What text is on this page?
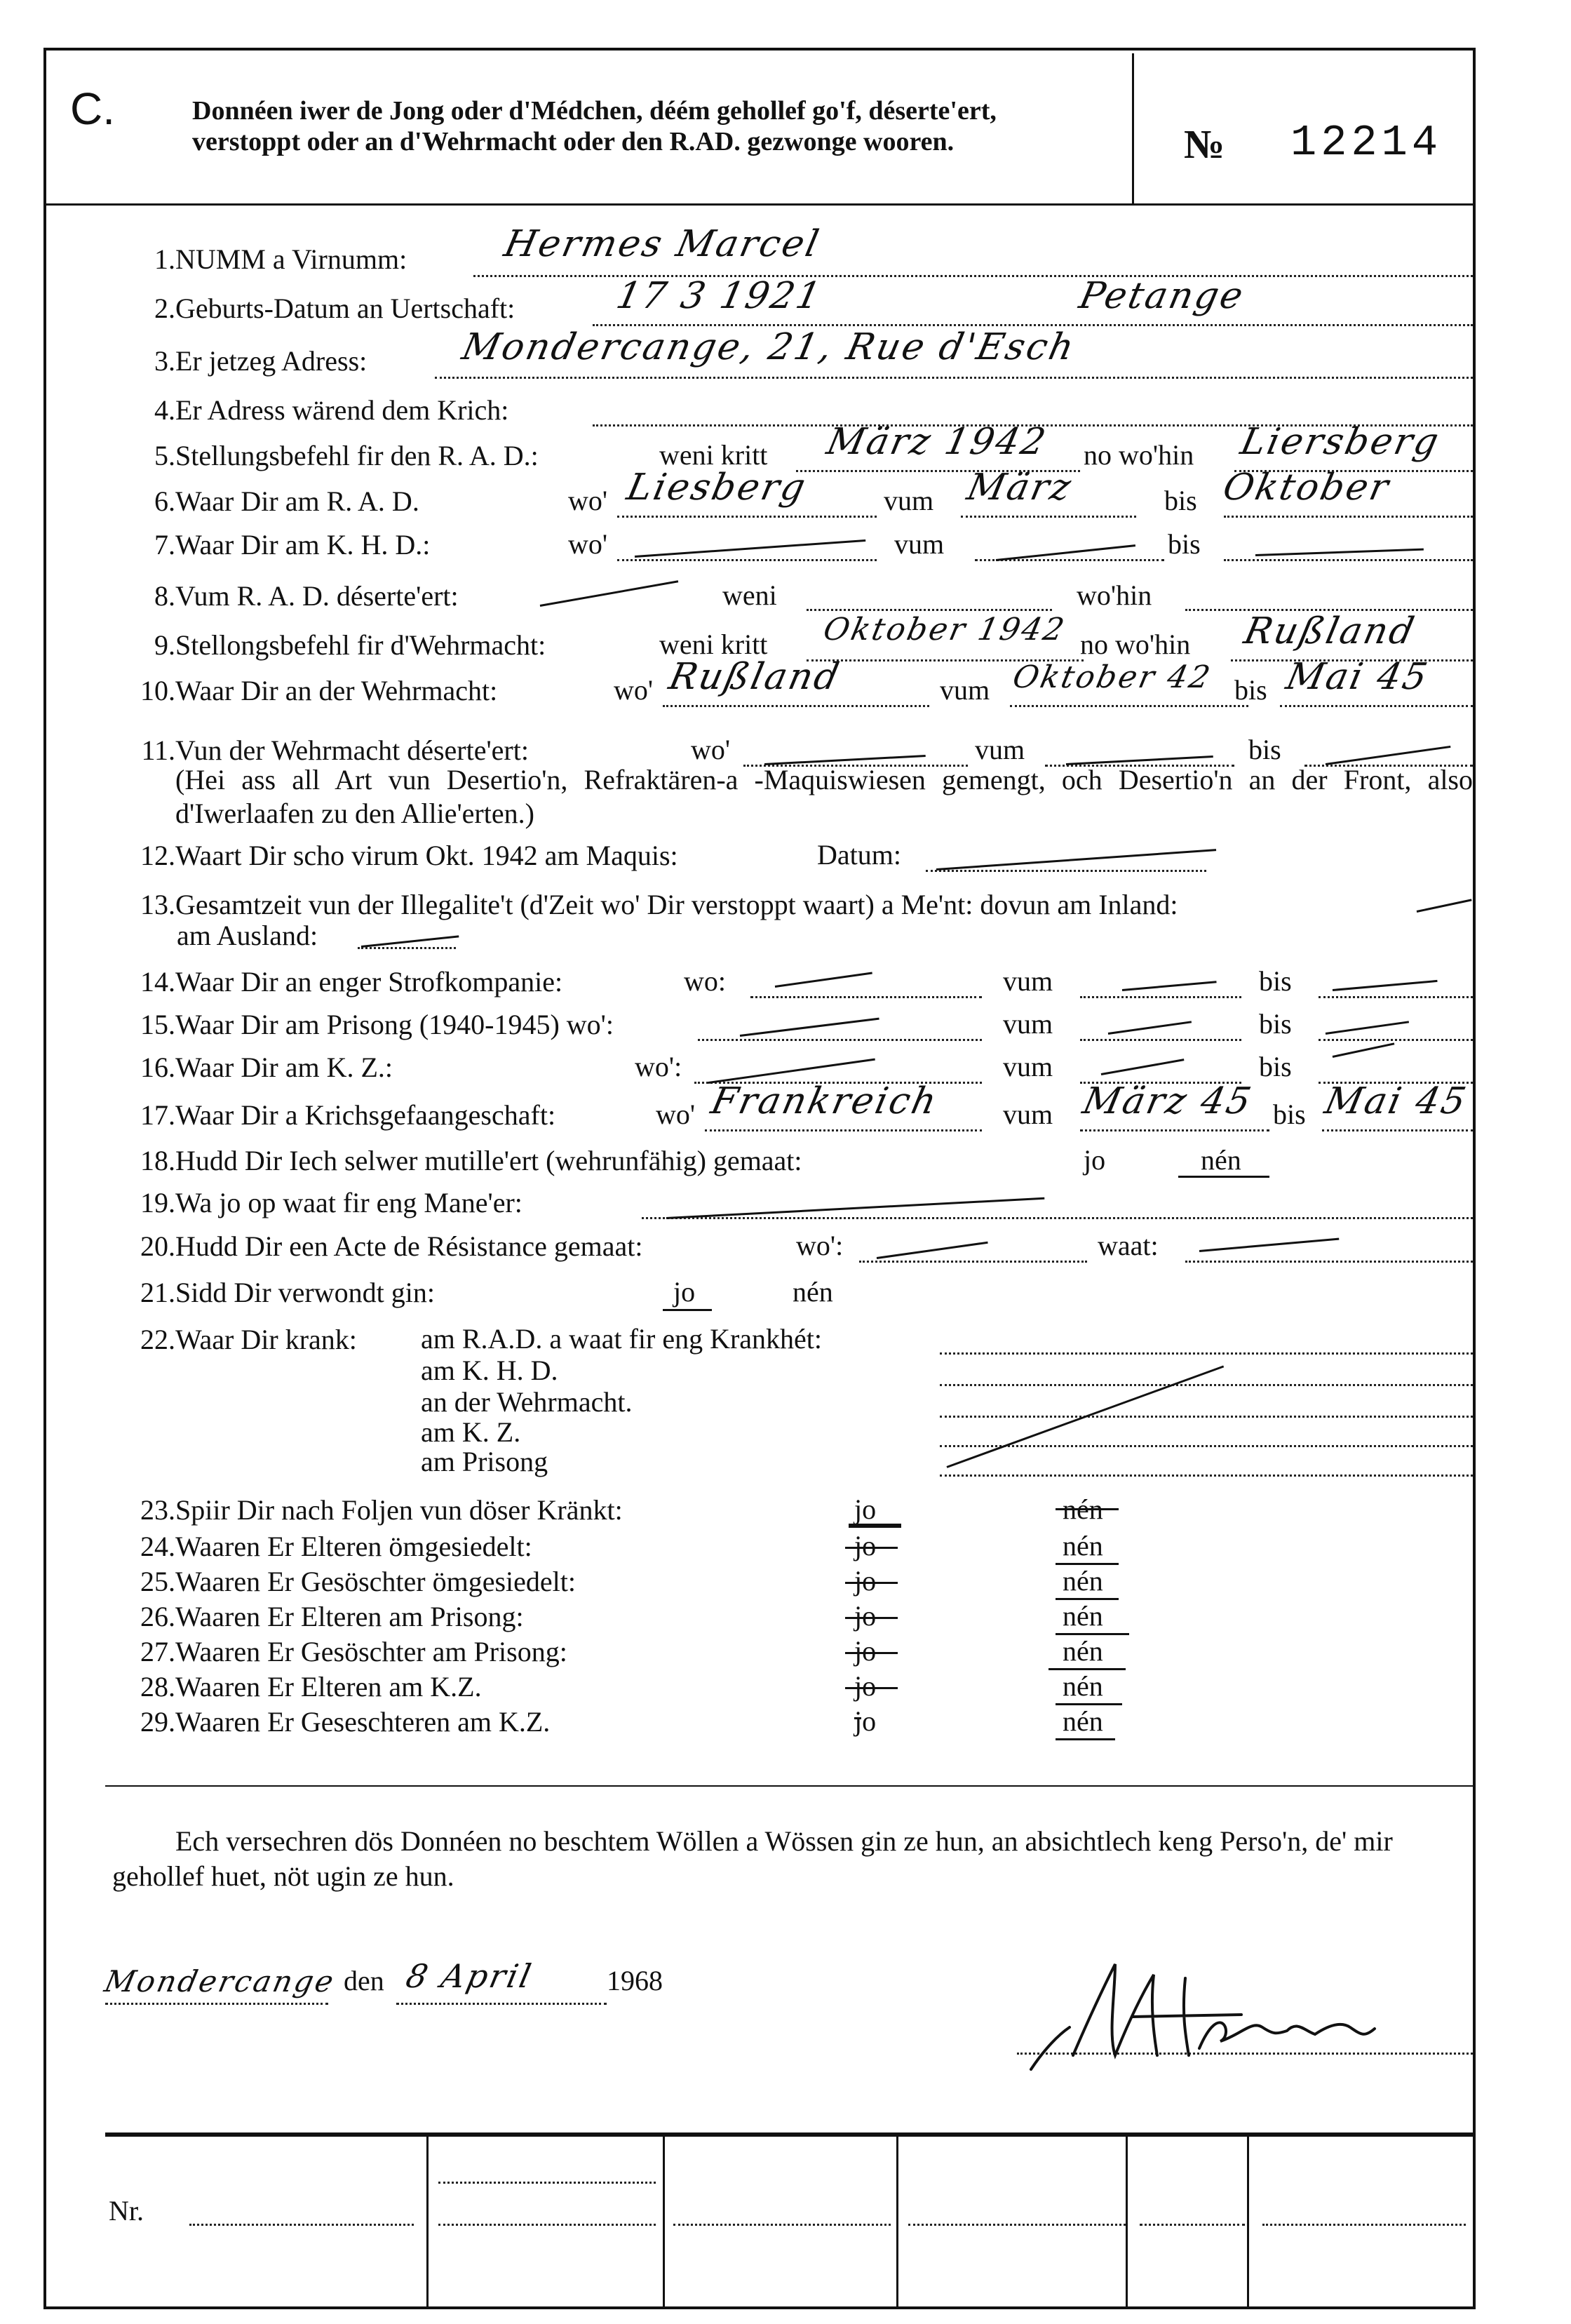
C.	Donnéen iwer de Jong oder d'Médchen, déém gehollef go'f, déserte'ert, verstoppt oder an d'Wehrmacht oder den R.AD. gezwonge wooren.	№ 12214
1. NUMM a Virnumm:	Hermes Marcel
2. Geburts-Datum an Uertschaft:	17 3 1921	Petange
3. Er jetzeg Adress:	Mondercange, 21, Rue d'Esch
4. Er Adress wärend dem Krich:
5. Stellungsbefehl fir den R. A. D.:	weni kritt März 1942 no wo'hin Liersberg
6. Waar Dir am R. A. D.	wo' Liesberg	vum März	bis Oktober
7. Waar Dir am K. H. D.:	wo'	vum	bis
8. Vum R. A. D. déserte'ert:	weni	wo'hin
9. Stellongsbefehl fir d'Wehrmacht:	weni kritt Oktober 1942 no wo'hin Rußland
10. Waar Dir an der Wehrmacht:	wo' Rußland	vum Oktober 42 bis Mai 45
11. Vun der Wehrmacht déserte'ert:	wo'	vum	bis
(Hei ass all Art vun Desertio'n, Refraktären-a -Maquiswiesen gemengt, och Desertio'n an der Front, also d'Iwerlaafen zu den Allie'erten.)
12. Waart Dir scho virum Okt. 1942 am Maquis:	Datum:
13. Gesamtzeit vun der Illegalite't (d'Zeit wo' Dir verstoppt waart) a Me'nt: dovun am Inland:
am Ausland:
14. Waar Dir an enger Strofkompanie:	wo:	vum	bis
15. Waar Dir am Prisong (1940-1945) wo':	vum	bis
16. Waar Dir am K. Z.:	wo':	vum	bis
17. Waar Dir a Krichsgefaangeschaft:	wo' Frankreich vum März 45 bis Mai 45
18. Hudd Dir Iech selwer mutille'ert (wehrunfähig) gemaat:	jo	nén
19. Wa jo op waat fir eng Mane'er:
20. Hudd Dir een Acte de Résistance gemaat:	wo':	waat:
21. Sidd Dir verwondt gin:	jo	nén
22. Waar Dir krank: am R.A.D. a waat fir eng Krankhét:
am K. H. D.
an der Wehrmacht.
am K. Z.
am Prisong
23. Spiir Dir nach Foljen vun döser Kränkt:	jo	nén
24. Waaren Er Elteren ömgesiedelt:	jo	nén
25. Waaren Er Gesöschter ömgesiedelt:	jo	nén
26. Waaren Er Elteren am Prisong:	jo	nén
27. Waaren Er Gesöschter am Prisong:	jo	nén
28. Waaren Er Elteren am K.Z.	jo	nén
29. Waaren Er Geseschteren am K.Z.	jo	nén
Ech versechren dös Donnéen no beschtem Wöllen a Wössen gin ze hun, an absichtlech keng Perso'n, de' mir gehollef huet, nöt ugin ze hun.
Mondercange den 8 April	1968
M Hermes
Nr.
